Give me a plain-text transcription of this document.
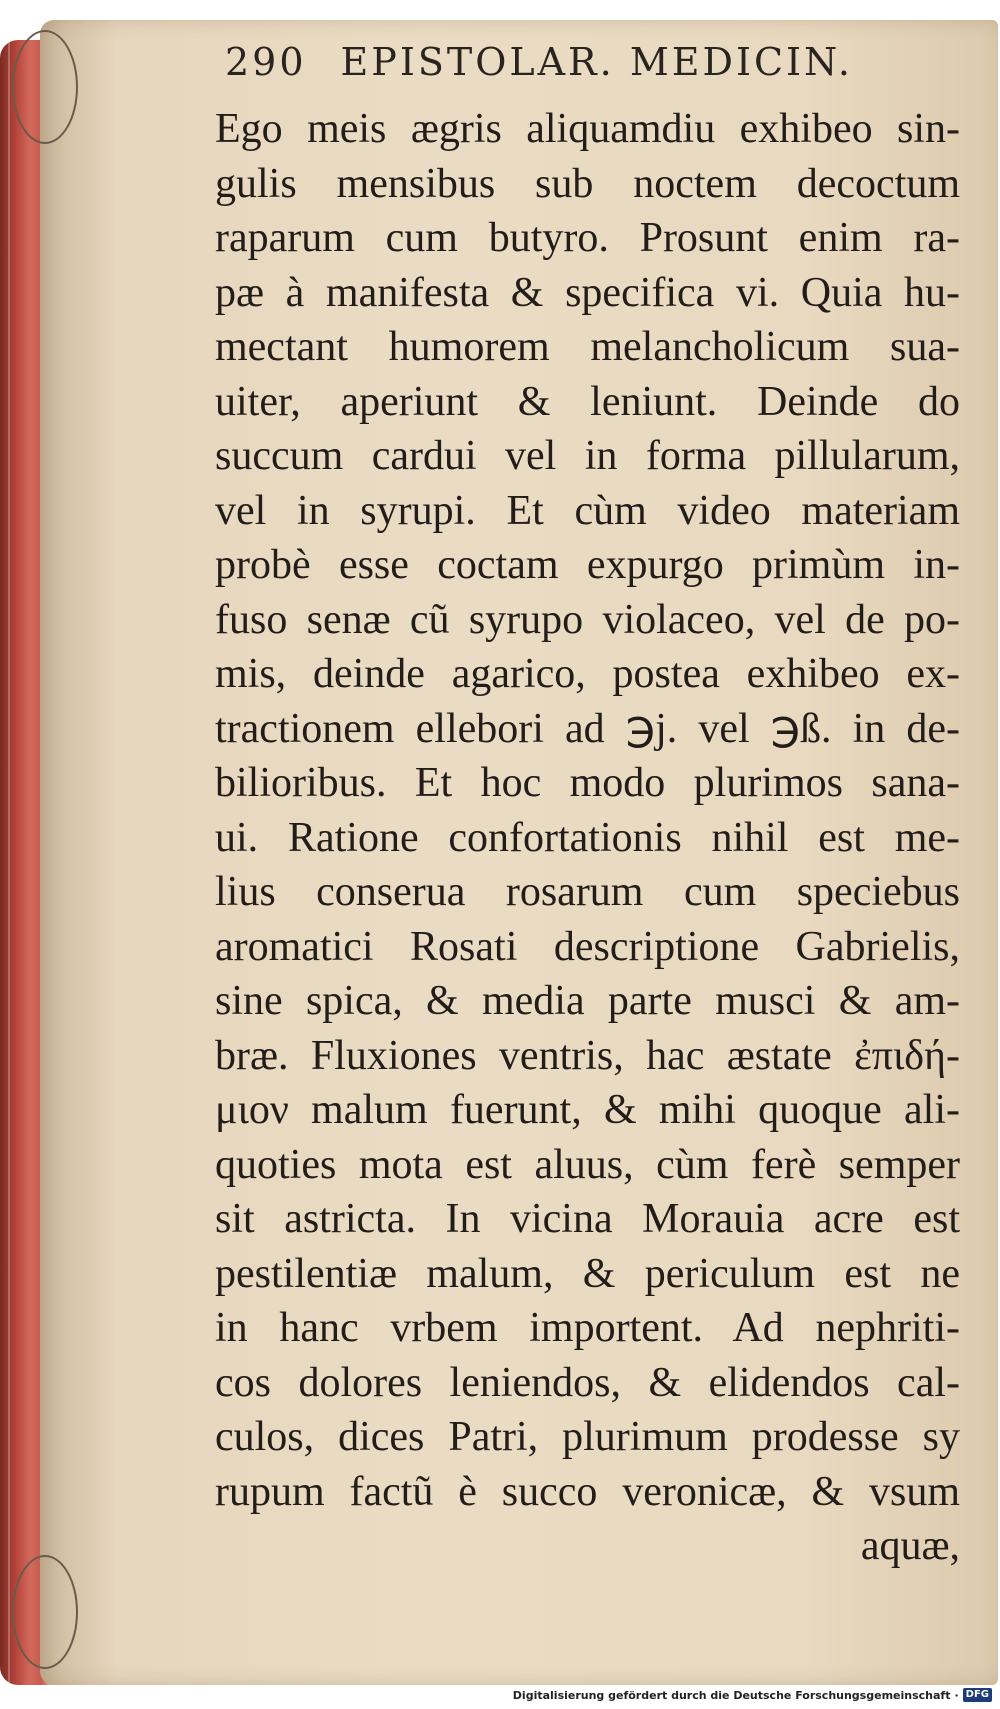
290 EPISTOLAR. MEDICIN.
Ego meis ægris aliquamdiu exhibeo sin-
gulis mensibus sub noctem decoctum
raparum cum butyro. Prosunt enim ra-
pæ à manifesta & specifica vi. Quia hu-
mectant humorem melancholicum sua-
uiter, aperiunt & leniunt. Deinde do
succum cardui vel in forma pillularum,
vel in syrupi. Et cùm video materiam
probè esse coctam expurgo primùm in-
fuso senæ cũ syrupo violaceo, vel de po-
mis, deinde agarico, postea exhibeo ex-
tractionem ellebori ad ℈j. vel ℈ß. in de-
bilioribus. Et hoc modo plurimos sana-
ui. Ratione confortationis nihil est me-
lius conserua rosarum cum speciebus
aromatici Rosati descriptione Gabrielis,
sine spica, & media parte musci & am-
bræ. Fluxiones ventris, hac æstate ἐπιδή-
μιον malum fuerunt, & mihi quoque ali-
quoties mota est aluus, cùm ferè semper
sit astricta. In vicina Morauia acre est
pestilentiæ malum, & periculum est ne
in hanc vrbem importent. Ad nephriti-
cos dolores leniendos, & elidendos cal-
culos, dices Patri, plurimum prodesse sy
rupum factũ è succo veronicæ, & vsum
aquæ,
Digitalisierung gefördert durch die Deutsche Forschungsgemeinschaft · DFG
